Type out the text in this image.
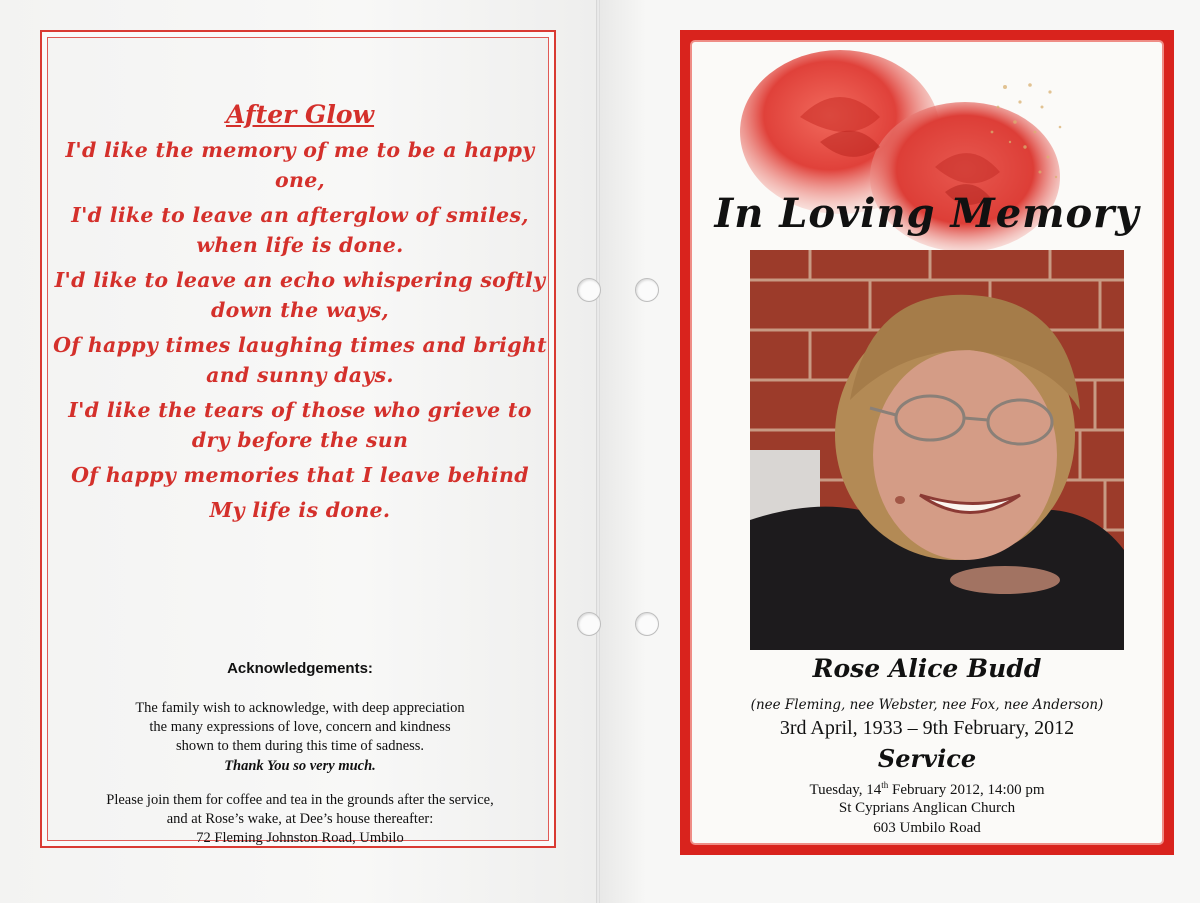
After Glow
I'd like the memory of me to be a happy one,
I'd like to leave an afterglow of smiles, when life is done.
I'd like to leave an echo whispering softly down the ways,
Of happy times laughing times and bright and sunny days.
I'd like the tears of those who grieve to dry before the sun
Of happy memories that I leave behind
My life is done.
Acknowledgements:
The family wish to acknowledge, with deep appreciation
the many expressions of love, concern and kindness
shown to them during this time of sadness.
Thank You so very much.
Please join them for coffee and tea in the grounds after the service,
and at Rose’s wake, at Dee’s house thereafter:
72 Fleming Johnston Road, Umbilo
In Loving Memory
Rose Alice Budd
(nee Fleming, nee Webster, nee Fox, nee Anderson)
3rd April, 1933 – 9th February, 2012
Service
Tuesday, 14th February 2012, 14:00 pm
St Cyprians Anglican Church
603 Umbilo Road
